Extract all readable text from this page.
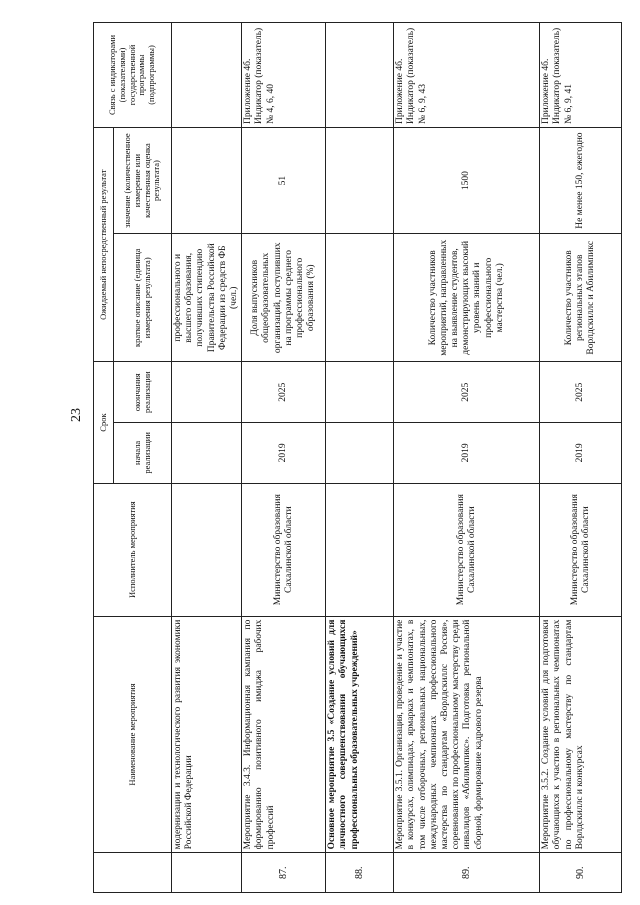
23
	Наименование мероприятия	Исполнитель мероприятия	Срок		Ожидаемый непосредственный результат		Связь с индикаторами (показателями) государственной программы (подпрограммы)
			начала реализации	окончания реализации	краткое описание (единица измерения результата)	значение (количественное измерение или качественная оценка результата)	
	модернизации и технологического развития экономики Российской Федерации				профессионального и высшего образования, получивших стипендию Правительства Российской Федерации из средств ФБ (чел.)		
87.	Мероприятие 3.4.3. Информационная кампания по формированию позитивного имиджа рабочих профессий	Министерство образования Сахалинской области	2019	2025	Доля выпускников общеобразовательных организаций, поступивших на программы среднего профессионального образования (%)	51	Приложение 4б. Индикатор (показатель) № 4, 6, 40
88.	Основное мероприятие 3.5 «Создание условий для личностного совершенствования обучающихся профессиональных образовательных учреждений»						
89.	Мероприятие 3.5.1. Организация, проведение и участие в конкурсах, олимпиадах, ярмарках и чемпионатах, в том числе отборочных, региональных национальных, международных чемпионатах профессионального мастерства по стандартам «Ворлдскиллс Россия», соревнованиях по профессиональному мастерству среди инвалидов «Абилимпикс». Подготовка региональной сборной, формирование кадрового резерва	Министерство образования Сахалинской области	2019	2025	Количество участников мероприятий, направленных на выявление студентов, демонстрирующих высокий уровень знаний и профессионального мастерства (чел.)	1500	Приложение 4б. Индикатор (показатель) № 6, 9, 43
90.	Мероприятие 3.5.2. Создание условий для подготовки обучающихся к участию в региональных чемпионатах по профессиональному мастерству по стандартам Ворлдскиллс и конкурсах	Министерство образования Сахалинской области	2019	2025	Количество участников региональных этапов Ворлдскиллс и Абилимпикс	Не менее 150, ежегодно	Приложение 4б. Индикатор (показатель) № 6, 9, 41
